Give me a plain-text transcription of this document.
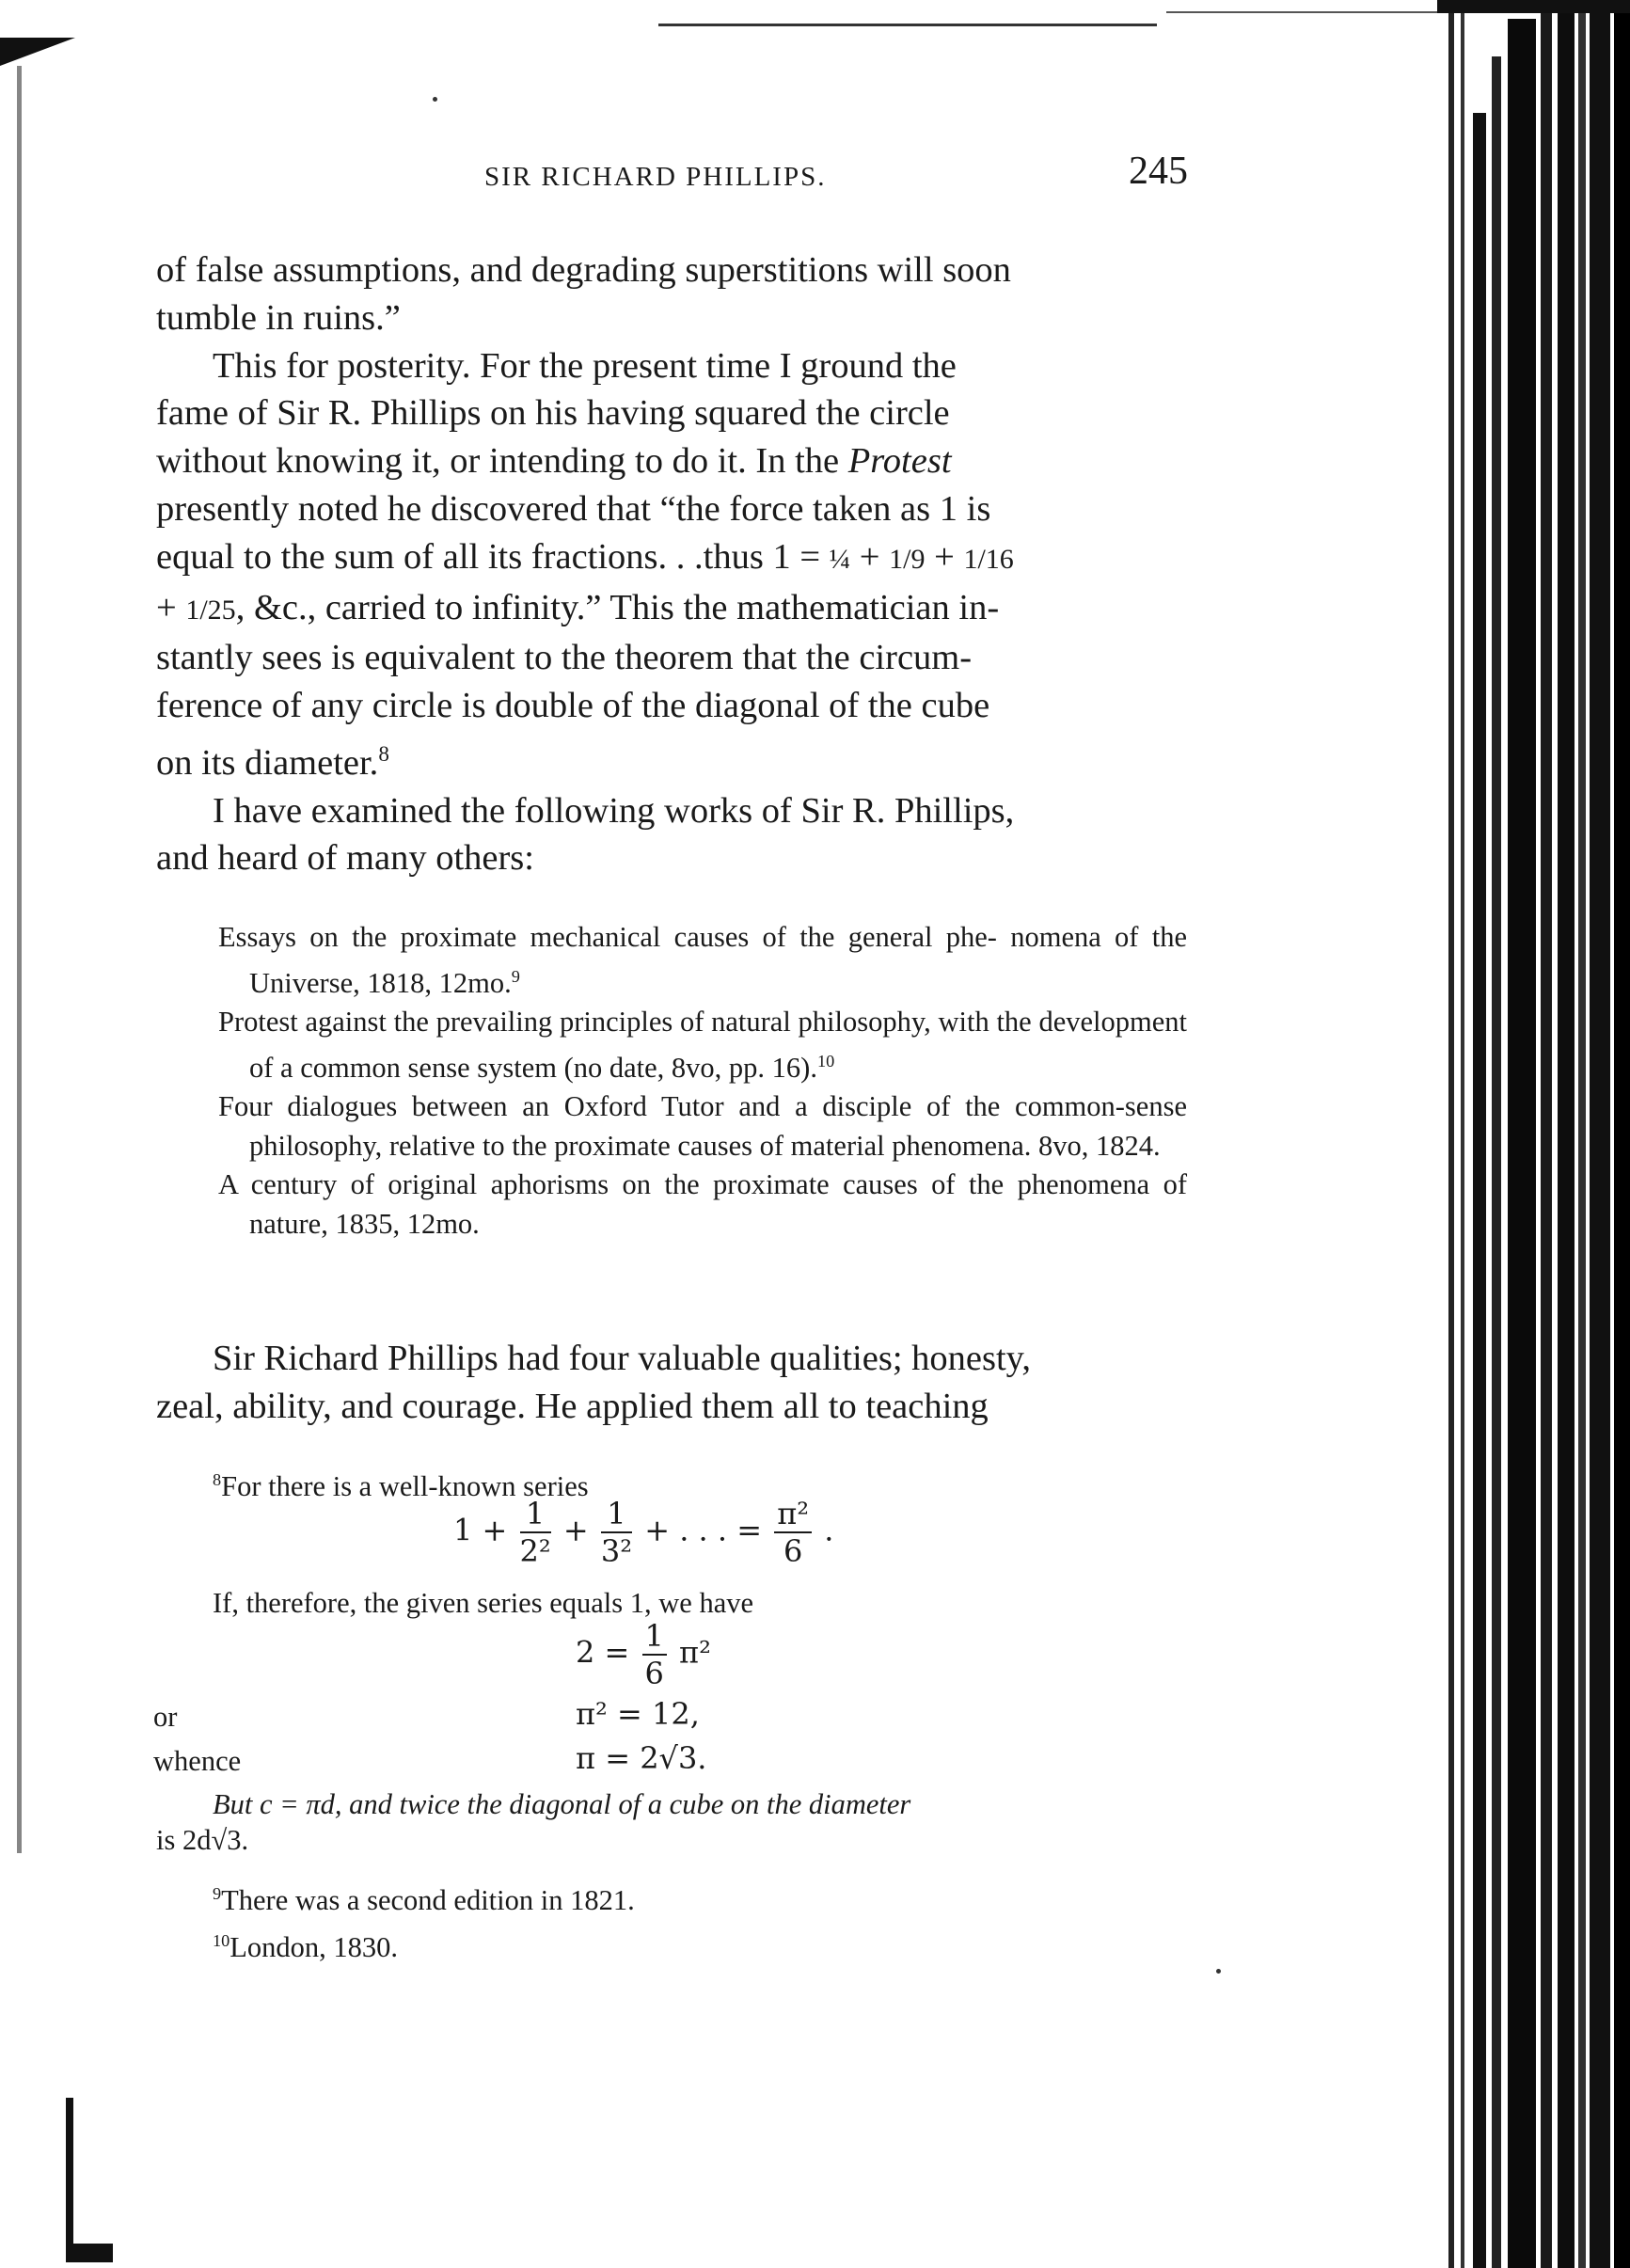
SIR RICHARD PHILLIPS.	245

of false assumptions, and degrading superstitions will soon

tumble in ruins.”

This for posterity. For the present time I ground the

fame of Sir R. Phillips on his having squared the circle

without knowing it, or intending to do it. In the Protest

presently noted he discovered that “the force taken as 1 is

equal to the sum of all its fractions. . .thus 1 = ¼ + 1/9 + 1/16

+ 1/25, &c., carried to infinity.” This the mathematician in-

stantly sees is equivalent to the theorem that the circum-

ference of any circle is double of the diagonal of the cube

on its diameter.$^8$

I have examined the following works of Sir R. Phillips,

and heard of many others:

Essays on the proximate mechanical causes of the general phe- nomena of the Universe, 1818, 12mo.$^9$

Protest against the prevailing principles of natural philosophy, with the development of a common sense system (no date, 8vo, pp. 16).$^{10}$

Four dialogues between an Oxford Tutor and a disciple of the common-sense philosophy, relative to the proximate causes of material phenomena. 8vo, 1824.

A century of original aphorisms on the proximate causes of the phenomena of nature, 1835, 12mo.

Sir Richard Phillips had four valuable qualities; honesty,

zeal, ability, and courage. He applied them all to teaching

$^8$For there is a well-known series
$1 + \frac{1}{\text{2²}} + \frac{1}{\text{3²}}$ + . . . = $\frac{\text{π²}}{6}$ .
If, therefore, the given series equals 1, we have
$2 = \frac{1}{6} \pi^2$
or	π² = 12,
whence	π = 2√3.
But c = πd, and twice the diagonal of a cube on the diameter
is 2d√3.
$^9$There was a second edition in 1821.
$^{10}$London, 1830.
